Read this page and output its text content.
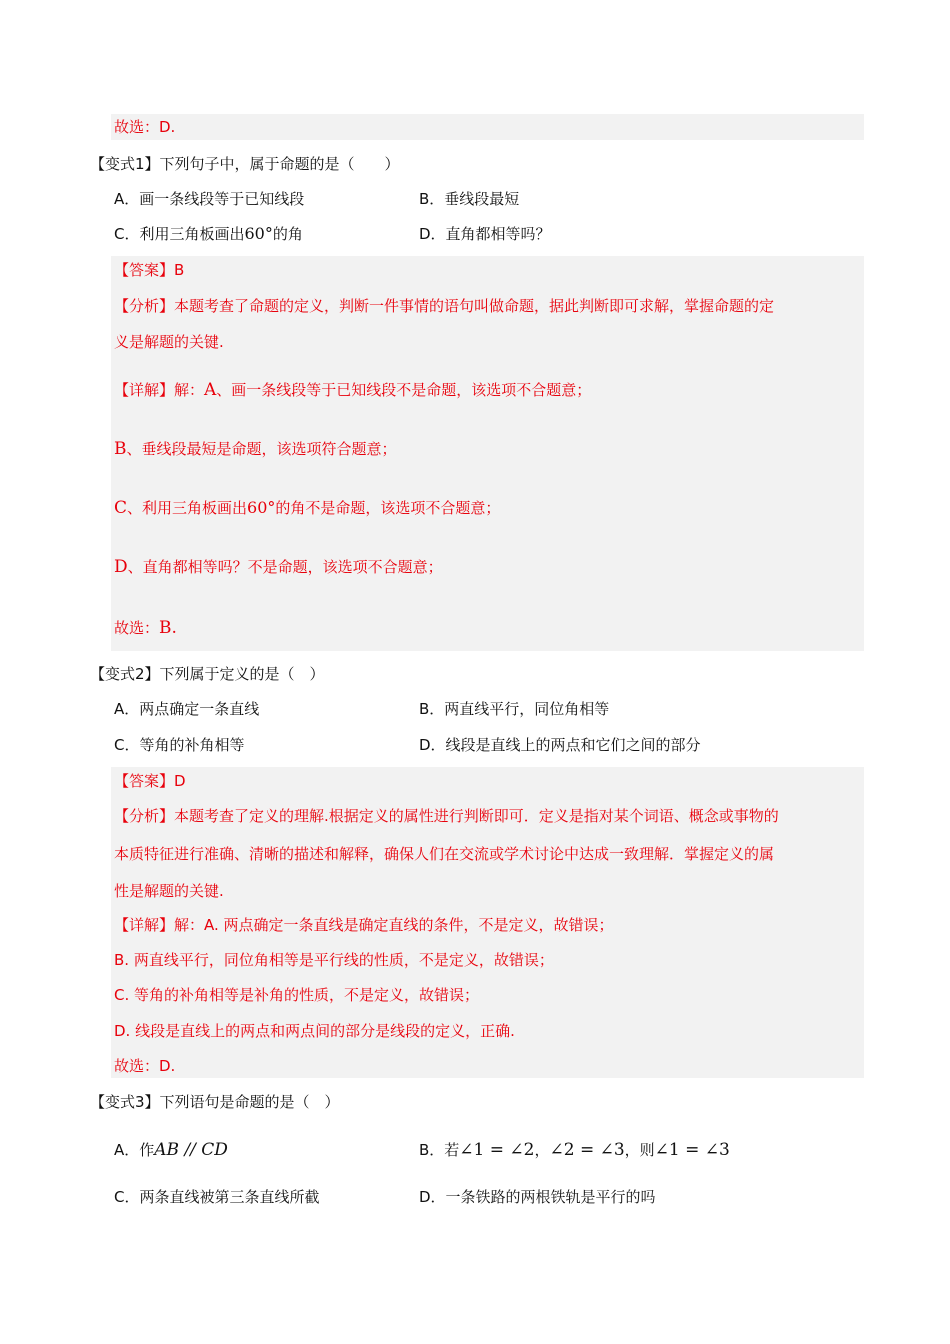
故选：D.
【变式1】下列句子中，属于命题的是（　　）
A．画一条线段等于已知线段	B．垂线段最短
C．利用三角板画出60°的角	D．直角都相等吗？
【答案】B
【分析】本题考查了命题的定义，判断一件事情的语句叫做命题，据此判断即可求解，掌握命题的定
义是解题的关键.
【详解】解：A、画一条线段等于已知线段不是命题，该选项不合题意；
B、垂线段最短是命题，该选项符合题意；
C、利用三角板画出60°的角不是命题，该选项不合题意；
D、直角都相等吗？不是命题，该选项不合题意；
故选：B.
【变式2】下列属于定义的是（　）
A．两点确定一条直线	B．两直线平行，同位角相等
C．等角的补角相等	D．线段是直线上的两点和它们之间的部分
【答案】D
【分析】本题考查了定义的理解.根据定义的属性进行判断即可．定义是指对某个词语、概念或事物的
本质特征进行准确、清晰的描述和解释，确保人们在交流或学术讨论中达成一致理解．掌握定义的属
性是解题的关键.
【详解】解：A. 两点确定一条直线是确定直线的条件，不是定义，故错误；
B. 两直线平行，同位角相等是平行线的性质，不是定义，故错误；
C. 等角的补角相等是补角的性质，不是定义，故错误；
D. 线段是直线上的两点和两点间的部分是线段的定义，正确.
故选：D.
【变式3】下列语句是命题的是（　）
A．作AB // CD	B．若∠1 = ∠2，∠2 = ∠3，则∠1 = ∠3
C．两条直线被第三条直线所截	D．一条铁路的两根铁轨是平行的吗
